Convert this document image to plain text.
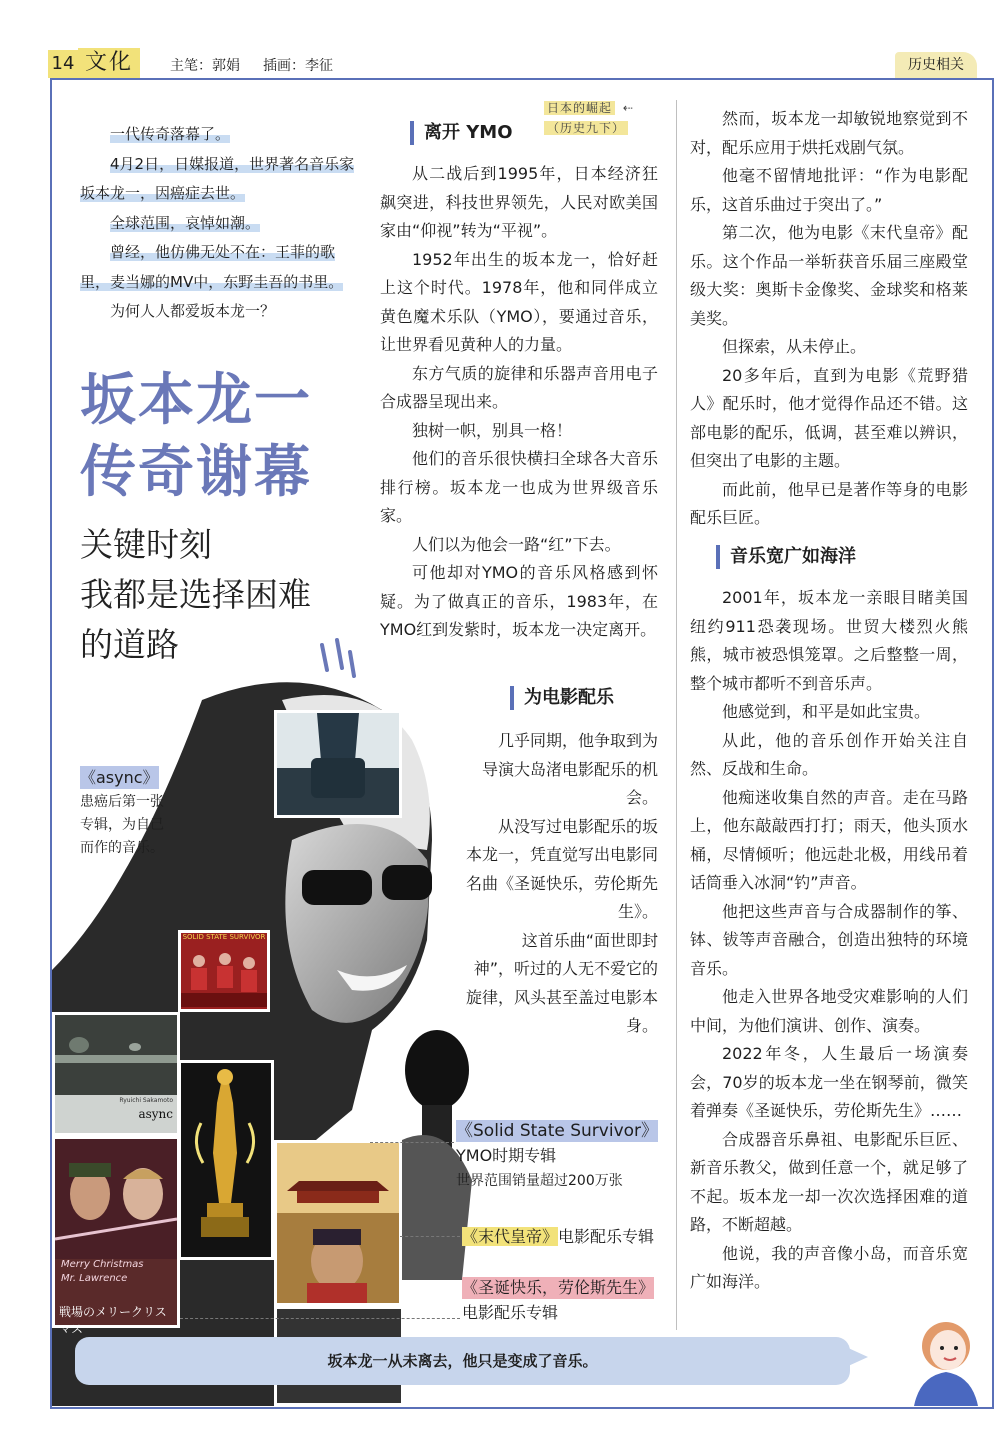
14 文化	主笔：郭娟 插画：李征	历史相关

一代传奇落幕了。

4月2日，日媒报道，世界著名音乐家坂本龙一，因癌症去世。

全球范围，哀悼如潮。

曾经，他仿佛无处不在：王菲的歌里，麦当娜的MV中，东野圭吾的书里。

为何人人都爱坂本龙一？

坂本龙一
传奇谢幕
关键时刻
我都是选择困难
的道路
日本的崛起 ⇠
（历史九下）
离开 YMO

从二战后到1995年，日本经济狂飙突进，科技世界领先，人民对欧美国家由“仰视”转为“平视”。

1952年出生的坂本龙一，恰好赶上这个时代。1978年，他和同伴成立黄色魔术乐队（YMO），要通过音乐，让世界看见黄种人的力量。

东方气质的旋律和乐器声音用电子合成器呈现出来。

独树一帜，别具一格！

他们的音乐很快横扫全球各大音乐排行榜。坂本龙一也成为世界级音乐家。

人们以为他会一路“红”下去。

可他却对YMO的音乐风格感到怀疑。为了做真正的音乐，1983年，在YMO红到发紫时，坂本龙一决定离开。

为电影配乐

几乎同期，他争取到为导演大岛渚电影配乐的机会。

从没写过电影配乐的坂本龙一，凭直觉写出电影同名曲《圣诞快乐，劳伦斯先生》。

这首乐曲“面世即封神”，听过的人无不爱它的旋律，风头甚至盖过电影本身。

然而，坂本龙一却敏锐地察觉到不对，配乐应用于烘托戏剧气氛。

他毫不留情地批评：“作为电影配乐，这首乐曲过于突出了。”

第二次，他为电影《末代皇帝》配乐。这个作品一举斩获音乐届三座殿堂级大奖：奥斯卡金像奖、金球奖和格莱美奖。

但探索，从未停止。

20多年后，直到为电影《荒野猎人》配乐时，他才觉得作品还不错。这部电影的配乐，低调，甚至难以辨识，但突出了电影的主题。

而此前，他早已是著作等身的电影配乐巨匠。

音乐宽广如海洋

2001年，坂本龙一亲眼目睹美国纽约911恐袭现场。世贸大楼烈火熊熊，城市被恐惧笼罩。之后整整一周，整个城市都听不到音乐声。

他感觉到，和平是如此宝贵。

从此，他的音乐创作开始关注自然、反战和生命。

他痴迷收集自然的声音。走在马路上，他东敲敲西打打；雨天，他头顶水桶，尽情倾听；他远赴北极，用线吊着话筒垂入冰洞“钓”声音。

他把这些声音与合成器制作的筝、钵、钹等声音融合，创造出独特的环境音乐。

他走入世界各地受灾难影响的人们中间，为他们演讲、创作、演奏。

2022年冬，人生最后一场演奏会，70岁的坂本龙一坐在钢琴前，微笑着弹奏《圣诞快乐，劳伦斯先生》……

合成器音乐鼻祖、电影配乐巨匠、新音乐教父，做到任意一个，就足够了不起。坂本龙一却一次次选择困难的道路，不断超越。

他说，我的声音像小岛，而音乐宽广如海洋。

SOLID STATE SURVIVOR
Ryuichi Sakamoto
async
Merry Christmas
Mr. Lawrence
戦場のメリークリスマス
《async》
患癌后第一张
专辑，为自己
而作的音乐。
《Solid State Survivor》
YMO时期专辑
世界范围销量超过200万张
《末代皇帝》电影配乐专辑
《圣诞快乐，劳伦斯先生》
电影配乐专辑
坂本龙一从未离去，他只是变成了音乐。
